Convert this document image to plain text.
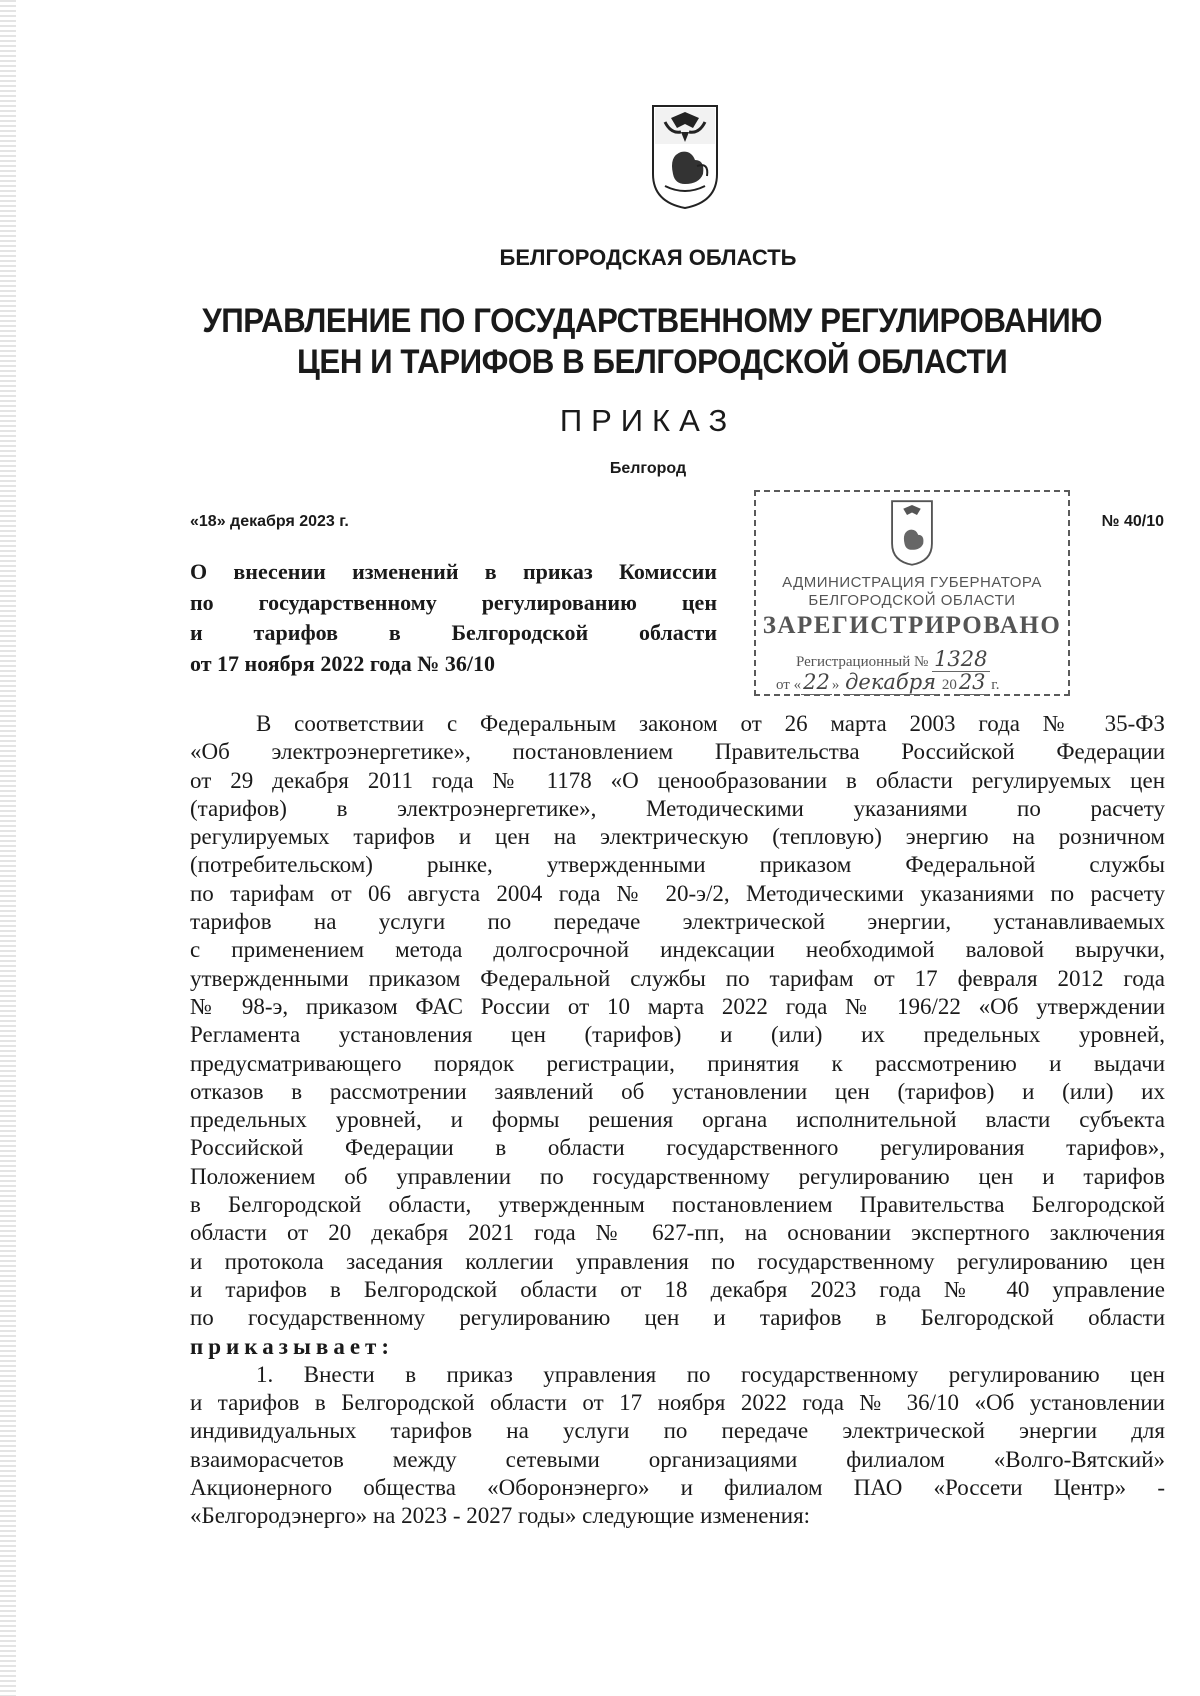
БЕЛГОРОДСКАЯ ОБЛАСТЬ
УПРАВЛЕНИЕ ПО ГОСУДАРСТВЕННОМУ РЕГУЛИРОВАНИЮ
ЦЕН И ТАРИФОВ В БЕЛГОРОДСКОЙ ОБЛАСТИ
ПРИКАЗ
Белгород
«18» декабря 2023 г.	№ 40/10
О внесении изменений в приказ Комиссии
по государственному регулированию цен
и тарифов в Белгородской области
от 17 ноября 2022 года № 36/10
АДМИНИСТРАЦИЯ ГУБЕРНАТОРА
БЕЛГОРОДСКОЙ ОБЛАСТИ
ЗАРЕГИСТРИРОВАНО
Регистрационный № 1328
от «22 » декабря 2023 г.

В соответствии с Федеральным законом от 26 марта 2003 года № 35-ФЗ
«Об электроэнергетике», постановлением Правительства Российской Федерации
от 29 декабря 2011 года № 1178 «О ценообразовании в области регулируемых цен
(тарифов) в электроэнергетике», Методическими указаниями по расчету
регулируемых тарифов и цен на электрическую (тепловую) энергию на розничном
(потребительском) рынке, утвержденными приказом Федеральной службы
по тарифам от 06 августа 2004 года № 20-э/2, Методическими указаниями по расчету
тарифов на услуги по передаче электрической энергии, устанавливаемых
с применением метода долгосрочной индексации необходимой валовой выручки,
утвержденными приказом Федеральной службы по тарифам от 17 февраля 2012 года
№ 98-э, приказом ФАС России от 10 марта 2022 года № 196/22 «Об утверждении
Регламента установления цен (тарифов) и (или) их предельных уровней,
предусматривающего порядок регистрации, принятия к рассмотрению и выдачи
отказов в рассмотрении заявлений об установлении цен (тарифов) и (или) их
предельных уровней, и формы решения органа исполнительной власти субъекта
Российской Федерации в области государственного регулирования тарифов»,
Положением об управлении по государственному регулированию цен и тарифов
в Белгородской области, утвержденным постановлением Правительства Белгородской
области от 20 декабря 2021 года № 627-пп, на основании экспертного заключения
и протокола заседания коллегии управления по государственному регулированию цен
и тарифов в Белгородской области от 18 декабря 2023 года № 40 управление
по государственному регулированию цен и тарифов в Белгородской области
приказывает:

1. Внести в приказ управления по государственному регулированию цен
и тарифов в Белгородской области от 17 ноября 2022 года № 36/10 «Об установлении
индивидуальных тарифов на услуги по передаче электрической энергии для
взаиморасчетов между сетевыми организациями филиалом «Волго-Вятский»
Акционерного общества «Оборонэнерго» и филиалом ПАО «Россети Центр» -
«Белгородэнерго» на 2023 - 2027 годы» следующие изменения:
